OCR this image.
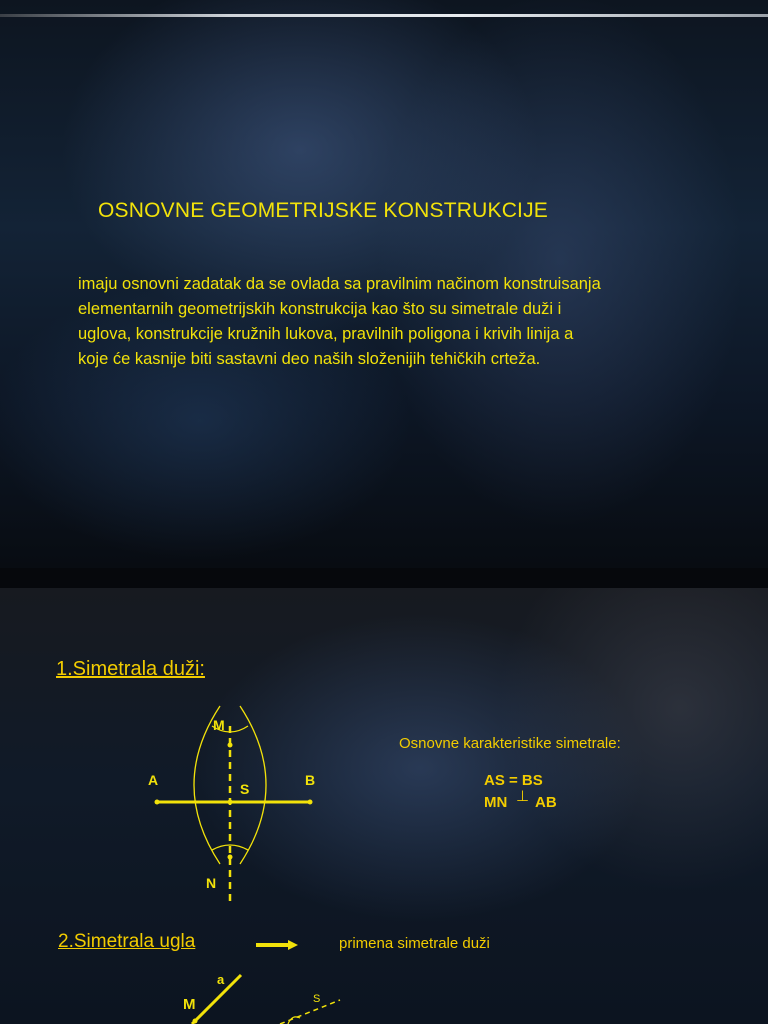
OSNOVNE GEOMETRIJSKE KONSTRUKCIJE
imaju osnovni zadatak da se ovlada sa pravilnim načinom konstruisanja
elementarnih geometrijskih konstrukcija kao što su simetrale duži i
uglova, konstrukcije kružnih lukova, pravilnih poligona i krivih linija a
koje će kasnije biti sastavni deo naših složenijih tehičkih crteža.
1.Simetrala duži:
M
A
S
B
N
Osnovne karakteristike simetrale:
AS = BS
MN ⊥ AB
2.Simetrala ugla	primena simetrale duži
a
M	S
